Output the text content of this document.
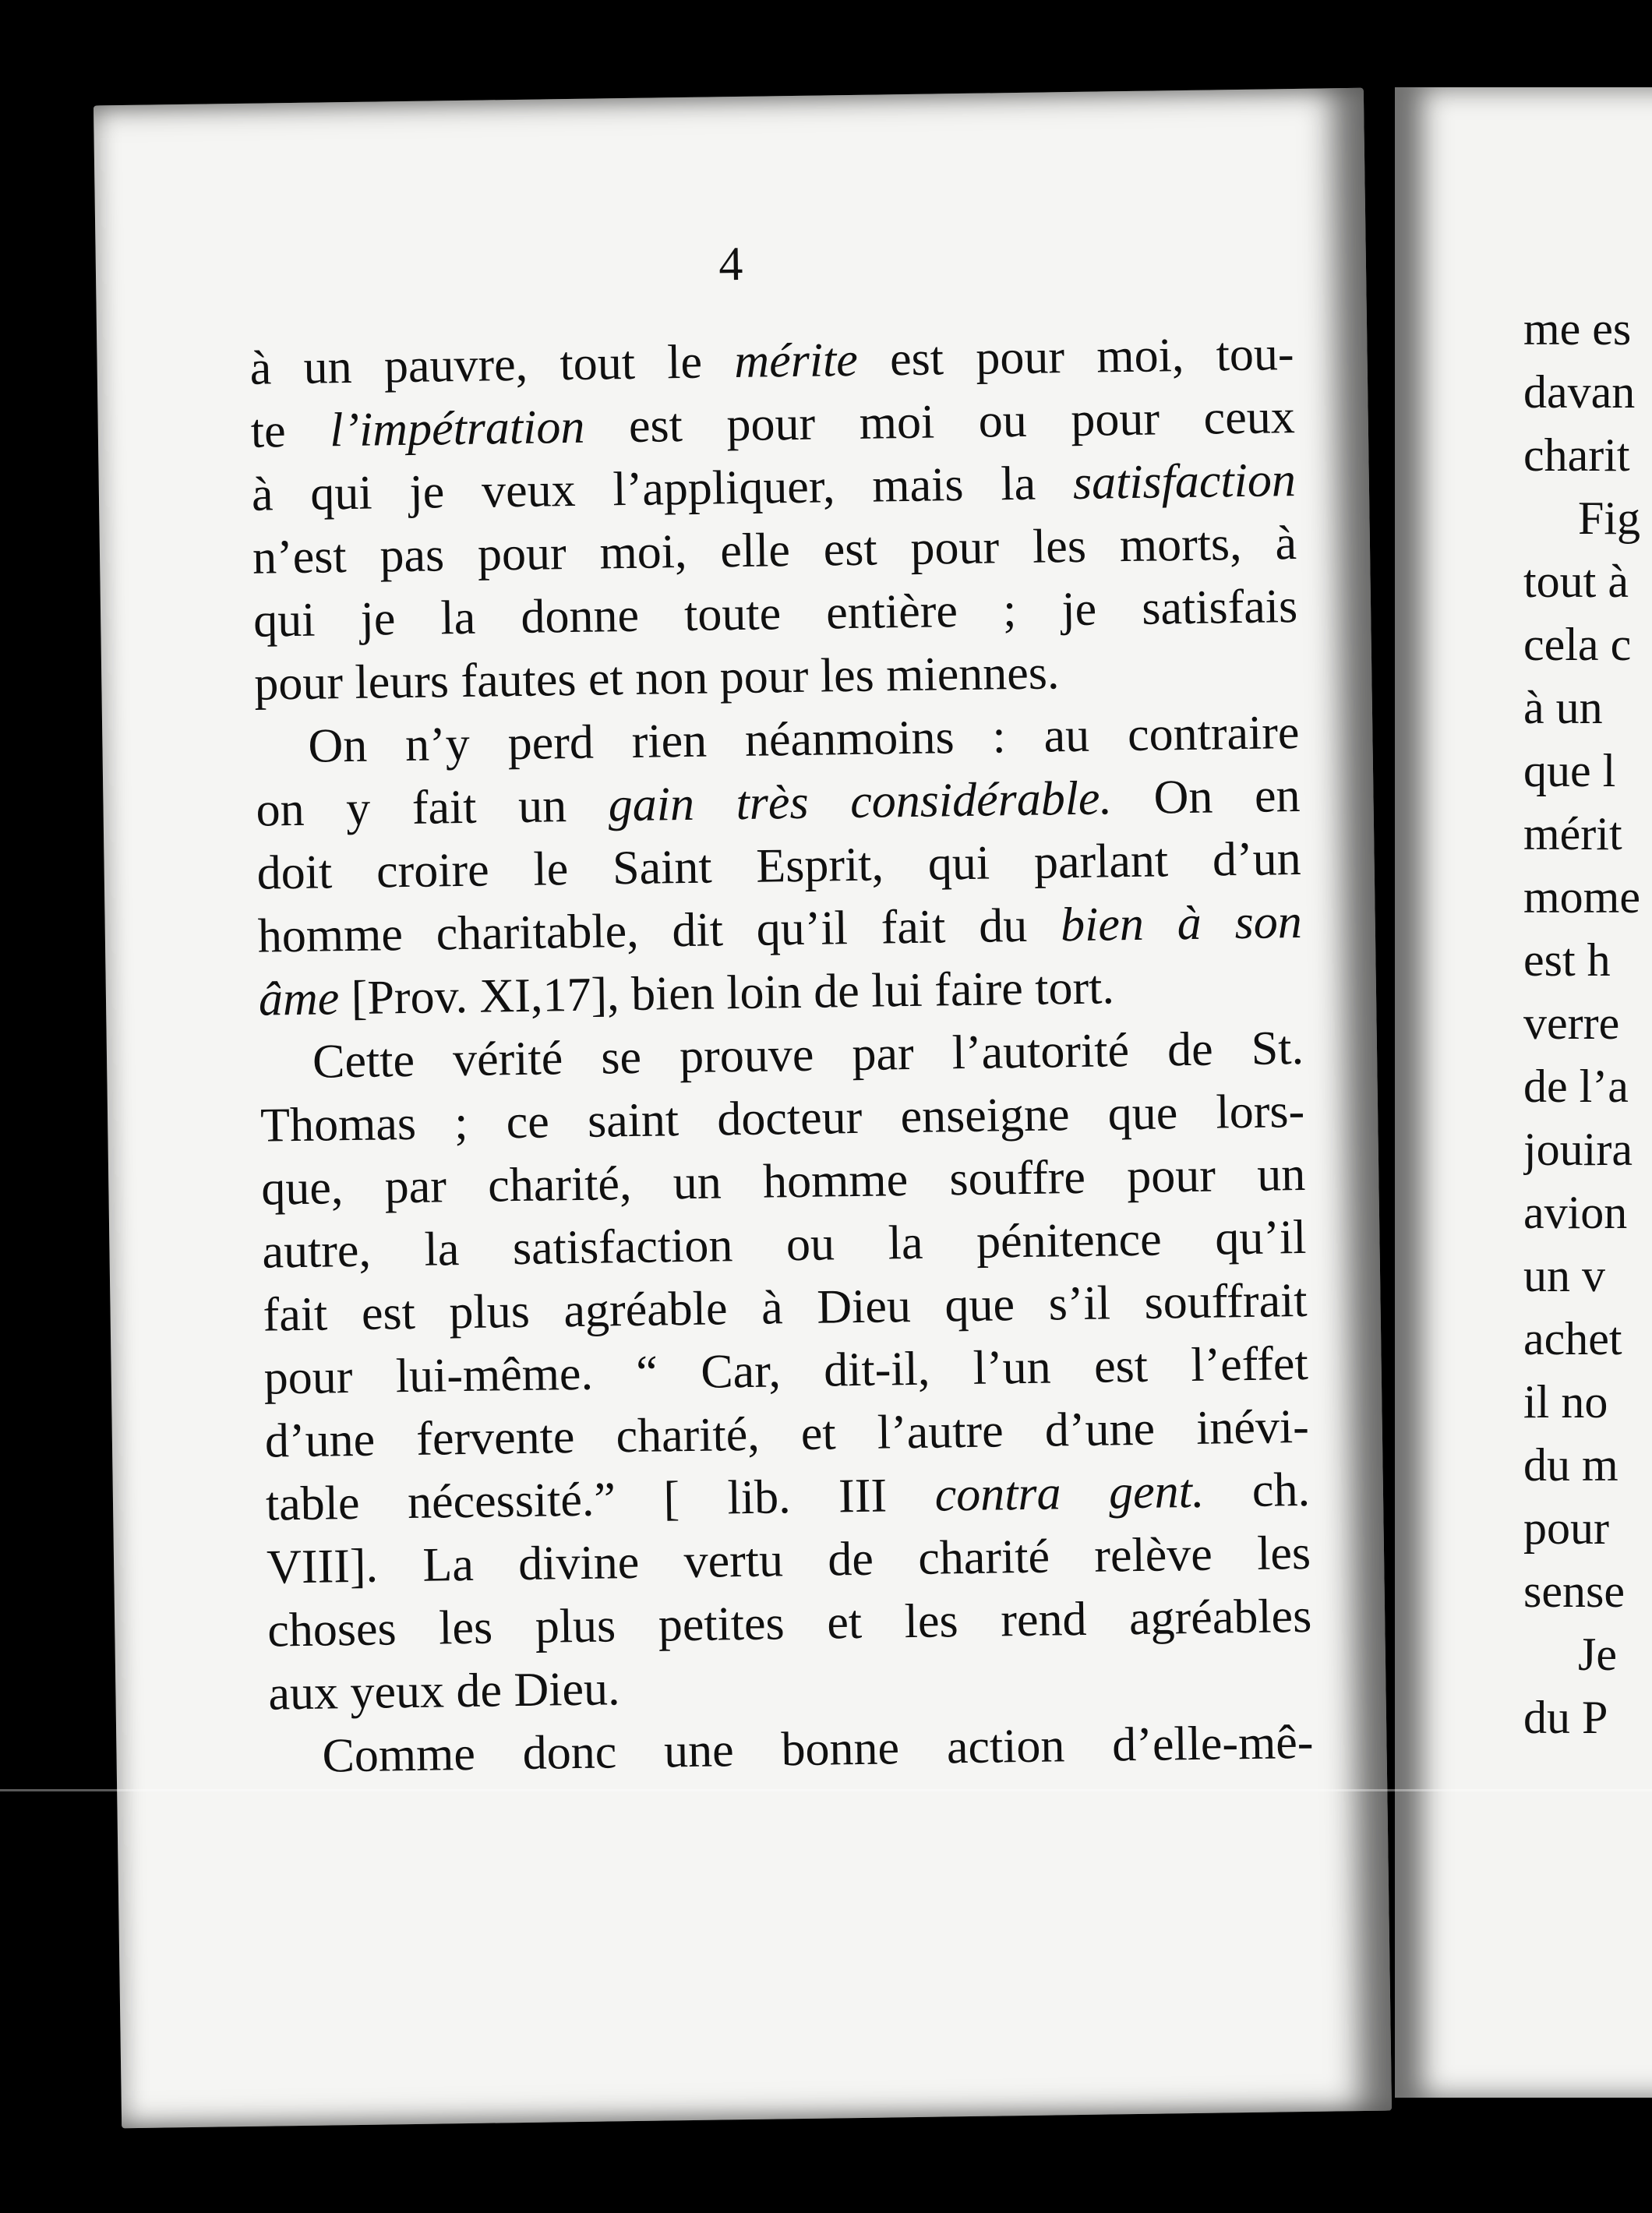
4
à un pauvre, tout le mérite est pour moi, tou-
te l’impétration est pour moi ou pour ceux
à qui je veux l’appliquer, mais la satisfaction
n’est pas pour moi, elle est pour les morts, à
qui je la donne toute entière ; je satisfais
pour leurs fautes et non pour les miennes.
On n’y perd rien néanmoins : au contraire
on y fait un gain très considérable. On en
doit croire le Saint Esprit, qui parlant d’un
homme charitable, dit qu’il fait du bien à son
âme [Prov. XI,17], bien loin de lui faire tort.
Cette vérité se prouve par l’autorité de St.
Thomas ; ce saint docteur enseigne que lors-
que, par charité, un homme souffre pour un
autre, la satisfaction ou la pénitence qu’il
fait est plus agréable à Dieu que s’il souffrait
pour lui-même. “ Car, dit-il, l’un est l’effet
d’une fervente charité, et l’autre d’une inévi-
table nécessité.” [ lib. III contra gent. ch.
VIII]. La divine vertu de charité relève les
choses les plus petites et les rend agréables
aux yeux de Dieu.
Comme donc une bonne action d’elle-mê-
me es
davan
charit
Fig
tout à
cela c
à un
que l
mérit
mome
est h
verre
de l’a
jouira
avion
un v
achet
il no
du m
pour
sense
Je
du P
